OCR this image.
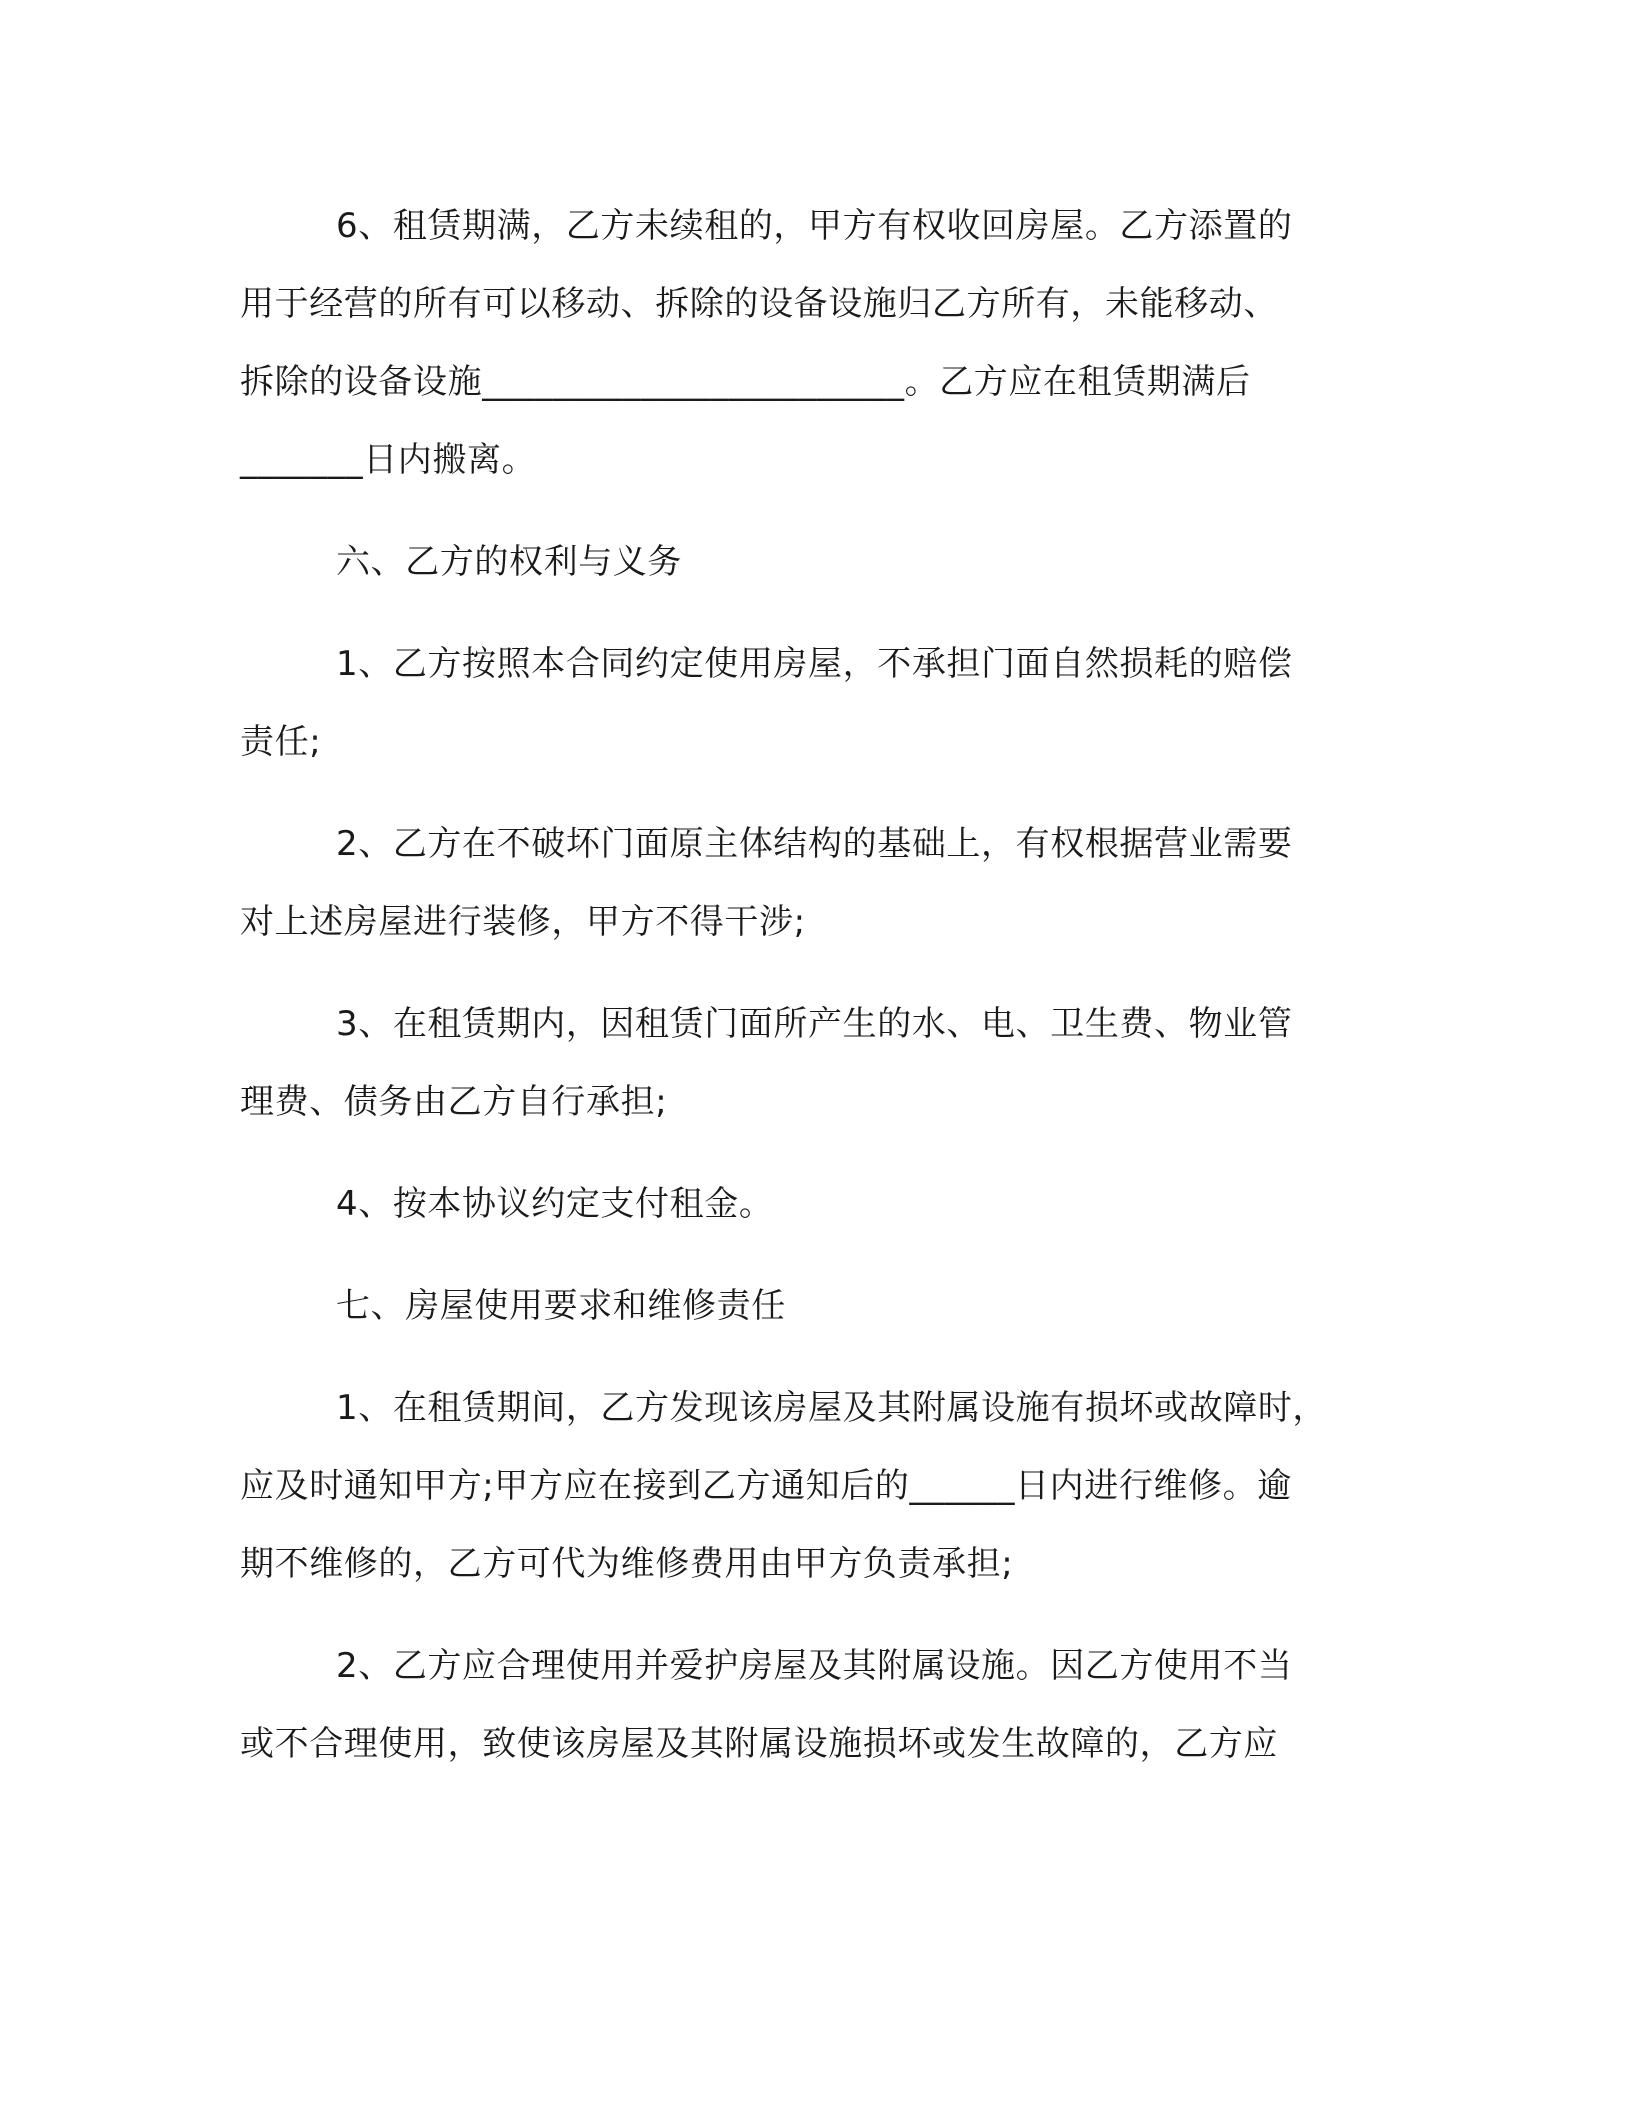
6、租赁期满，乙方未续租的，甲方有权收回房屋。乙方添置的
用于经营的所有可以移动、拆除的设备设施归乙方所有，未能移动、
拆除的设备设施________________________。乙方应在租赁期满后
_______日内搬离。

六、乙方的权利与义务

1、乙方按照本合同约定使用房屋，不承担门面自然损耗的赔偿
责任;

2、乙方在不破坏门面原主体结构的基础上，有权根据营业需要
对上述房屋进行装修，甲方不得干涉;

3、在租赁期内，因租赁门面所产生的水、电、卫生费、物业管
理费、债务由乙方自行承担;

4、按本协议约定支付租金。

七、房屋使用要求和维修责任

1、在租赁期间，乙方发现该房屋及其附属设施有损坏或故障时，
应及时通知甲方;甲方应在接到乙方通知后的______日内进行维修。逾
期不维修的，乙方可代为维修费用由甲方负责承担;

2、乙方应合理使用并爱护房屋及其附属设施。因乙方使用不当
或不合理使用，致使该房屋及其附属设施损坏或发生故障的，乙方应
